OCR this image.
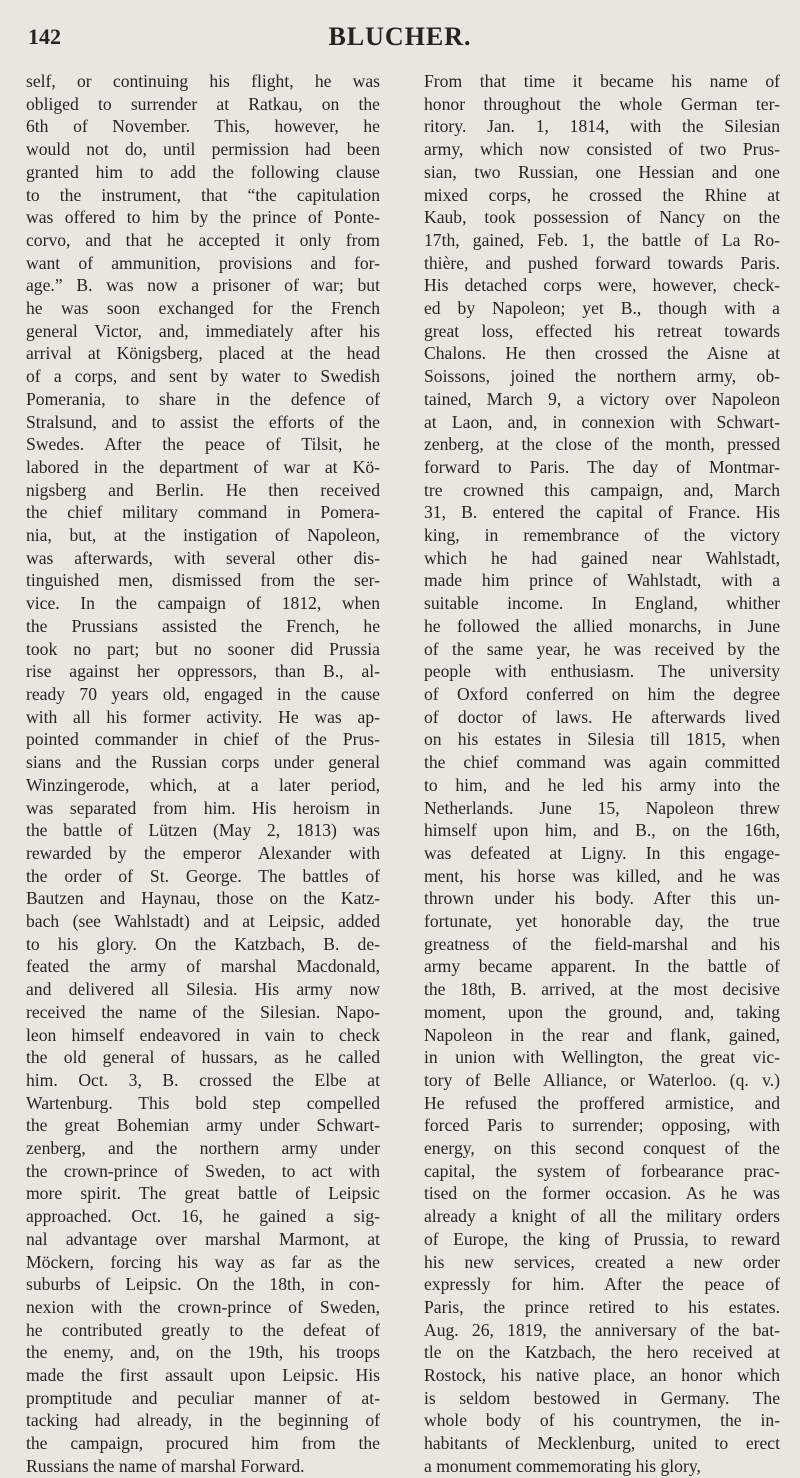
142	BLUCHER.
self, or continuing his flight, he was
obliged to surrender at Ratkau, on the
6th of November. This, however, he
would not do, until permission had been
granted him to add the following clause
to the instrument, that “the capitulation
was offered to him by the prince of Ponte-
corvo, and that he accepted it only from
want of ammunition, provisions and for-
age.” B. was now a prisoner of war; but
he was soon exchanged for the French
general Victor, and, immediately after his
arrival at Königsberg, placed at the head
of a corps, and sent by water to Swedish
Pomerania, to share in the defence of
Stralsund, and to assist the efforts of the
Swedes. After the peace of Tilsit, he
labored in the department of war at Kö-
nigsberg and Berlin. He then received
the chief military command in Pomera-
nia, but, at the instigation of Napoleon,
was afterwards, with several other dis-
tinguished men, dismissed from the ser-
vice. In the campaign of 1812, when
the Prussians assisted the French, he
took no part; but no sooner did Prussia
rise against her oppressors, than B., al-
ready 70 years old, engaged in the cause
with all his former activity. He was ap-
pointed commander in chief of the Prus-
sians and the Russian corps under general
Winzingerode, which, at a later period,
was separated from him. His heroism in
the battle of Lützen (May 2, 1813) was
rewarded by the emperor Alexander with
the order of St. George. The battles of
Bautzen and Haynau, those on the Katz-
bach (see Wahlstadt) and at Leipsic, added
to his glory. On the Katzbach, B. de-
feated the army of marshal Macdonald,
and delivered all Silesia. His army now
received the name of the Silesian. Napo-
leon himself endeavored in vain to check
the old general of hussars, as he called
him. Oct. 3, B. crossed the Elbe at
Wartenburg. This bold step compelled
the great Bohemian army under Schwart-
zenberg, and the northern army under
the crown-prince of Sweden, to act with
more spirit. The great battle of Leipsic
approached. Oct. 16, he gained a sig-
nal advantage over marshal Marmont, at
Möckern, forcing his way as far as the
suburbs of Leipsic. On the 18th, in con-
nexion with the crown-prince of Sweden,
he contributed greatly to the defeat of
the enemy, and, on the 19th, his troops
made the first assault upon Leipsic. His
promptitude and peculiar manner of at-
tacking had already, in the beginning of
the campaign, procured him from the
Russians the name of marshal Forward.
From that time it became his name of
honor throughout the whole German ter-
ritory. Jan. 1, 1814, with the Silesian
army, which now consisted of two Prus-
sian, two Russian, one Hessian and one
mixed corps, he crossed the Rhine at
Kaub, took possession of Nancy on the
17th, gained, Feb. 1, the battle of La Ro-
thière, and pushed forward towards Paris.
His detached corps were, however, check-
ed by Napoleon; yet B., though with a
great loss, effected his retreat towards
Chalons. He then crossed the Aisne at
Soissons, joined the northern army, ob-
tained, March 9, a victory over Napoleon
at Laon, and, in connexion with Schwart-
zenberg, at the close of the month, pressed
forward to Paris. The day of Montmar-
tre crowned this campaign, and, March
31, B. entered the capital of France. His
king, in remembrance of the victory
which he had gained near Wahlstadt,
made him prince of Wahlstadt, with a
suitable income. In England, whither
he followed the allied monarchs, in June
of the same year, he was received by the
people with enthusiasm. The university
of Oxford conferred on him the degree
of doctor of laws. He afterwards lived
on his estates in Silesia till 1815, when
the chief command was again committed
to him, and he led his army into the
Netherlands. June 15, Napoleon threw
himself upon him, and B., on the 16th,
was defeated at Ligny. In this engage-
ment, his horse was killed, and he was
thrown under his body. After this un-
fortunate, yet honorable day, the true
greatness of the field-marshal and his
army became apparent. In the battle of
the 18th, B. arrived, at the most decisive
moment, upon the ground, and, taking
Napoleon in the rear and flank, gained,
in union with Wellington, the great vic-
tory of Belle Alliance, or Waterloo. (q. v.)
He refused the proffered armistice, and
forced Paris to surrender; opposing, with
energy, on this second conquest of the
capital, the system of forbearance prac-
tised on the former occasion. As he was
already a knight of all the military orders
of Europe, the king of Prussia, to reward
his new services, created a new order
expressly for him. After the peace of
Paris, the prince retired to his estates.
Aug. 26, 1819, the anniversary of the bat-
tle on the Katzbach, the hero received at
Rostock, his native place, an honor which
is seldom bestowed in Germany. The
whole body of his countrymen, the in-
habitants of Mecklenburg, united to erect
a monument commemorating his glory,
